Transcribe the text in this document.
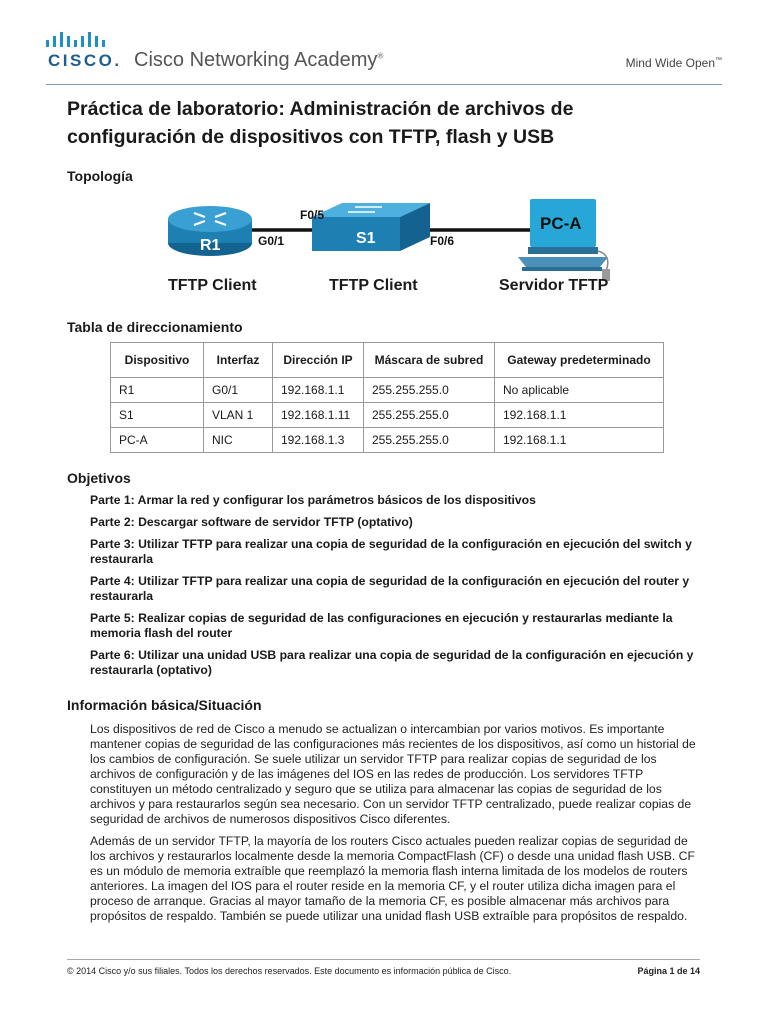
CISCO. Cisco Networking Academy®
Mind Wide Open™
Práctica de laboratorio: Administración de archivos de configuración de dispositivos con TFTP, flash y USB
Topología
R1	S1
PC-A
F0/5
G0/1	F0/6
TFTP Client	TFTP Client	Servidor TFTP
Tabla de direccionamiento
Dispositivo	Interfaz	Dirección IP	Máscara de subred	Gateway predeterminado
R1	G0/1	192.168.1.1	255.255.255.0	No aplicable
S1	VLAN 1	192.168.1.11	255.255.255.0	192.168.1.1
PC-A	NIC	192.168.1.3	255.255.255.0	192.168.1.1
Objetivos
Parte 1: Armar la red y configurar los parámetros básicos de los dispositivos
Parte 2: Descargar software de servidor TFTP (optativo)
Parte 3: Utilizar TFTP para realizar una copia de seguridad de la configuración en ejecución del switch y restaurarla
Parte 4: Utilizar TFTP para realizar una copia de seguridad de la configuración en ejecución del router y restaurarla
Parte 5: Realizar copias de seguridad de las configuraciones en ejecución y restaurarlas mediante la memoria flash del router
Parte 6: Utilizar una unidad USB para realizar una copia de seguridad de la configuración en ejecución y restaurarla (optativo)
Información básica/Situación
Los dispositivos de red de Cisco a menudo se actualizan o intercambian por varios motivos. Es importante mantener copias de seguridad de las configuraciones más recientes de los dispositivos, así como un historial de los cambios de configuración. Se suele utilizar un servidor TFTP para realizar copias de seguridad de los archivos de configuración y de las imágenes del IOS en las redes de producción. Los servidores TFTP constituyen un método centralizado y seguro que se utiliza para almacenar las copias de seguridad de los archivos y para restaurarlos según sea necesario. Con un servidor TFTP centralizado, puede realizar copias de seguridad de archivos de numerosos dispositivos Cisco diferentes.
Además de un servidor TFTP, la mayoría de los routers Cisco actuales pueden realizar copias de seguridad de los archivos y restaurarlos localmente desde la memoria CompactFlash (CF) o desde una unidad flash USB. CF es un módulo de memoria extraíble que reemplazó la memoria flash interna limitada de los modelos de routers anteriores. La imagen del IOS para el router reside en la memoria CF, y el router utiliza dicha imagen para el proceso de arranque. Gracias al mayor tamaño de la memoria CF, es posible almacenar más archivos para propósitos de respaldo. También se puede utilizar una unidad flash USB extraíble para propósitos de respaldo.
© 2014 Cisco y/o sus filiales. Todos los derechos reservados. Este documento es información pública de Cisco.	Página 1 de 14
